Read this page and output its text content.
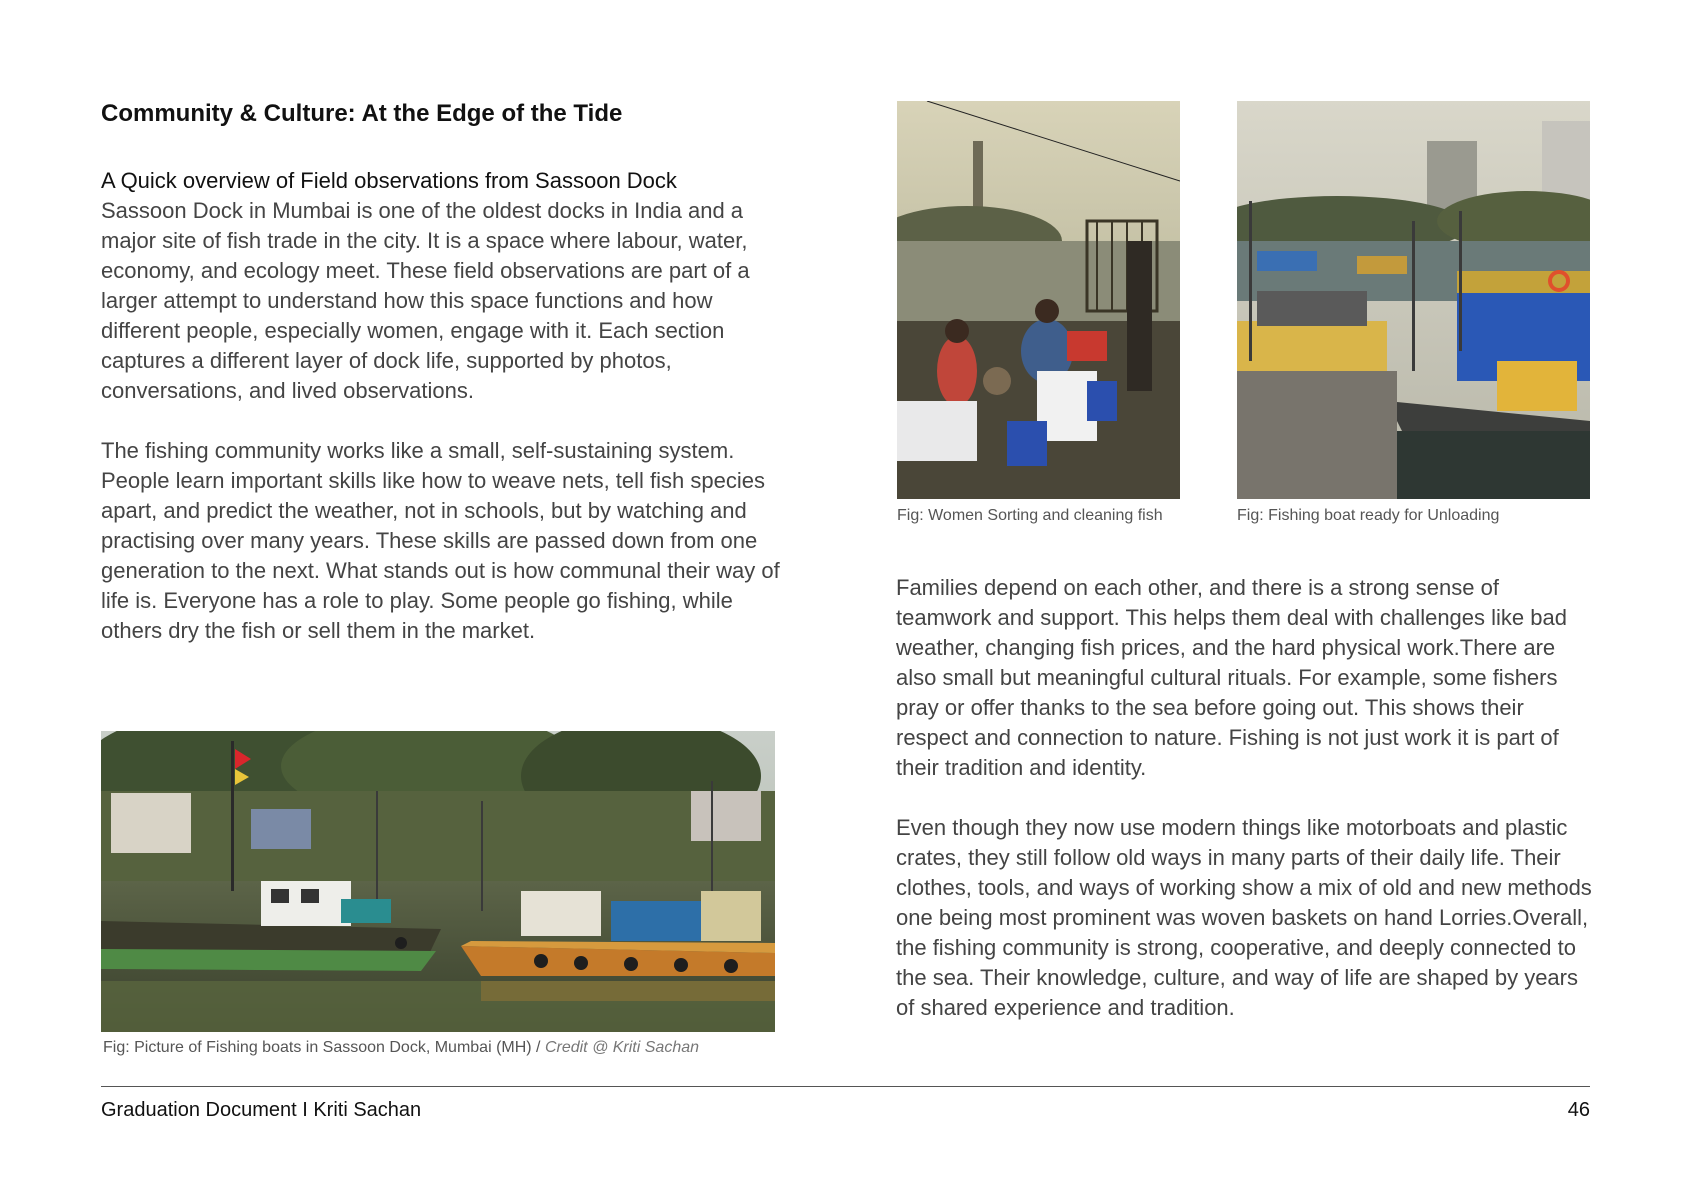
Community & Culture: At the Edge of the Tide

A Quick overview of Field observations from Sassoon Dock

Sassoon Dock in Mumbai is one of the oldest docks in India and a major site of fish trade in the city. It is a space where labour, water, economy, and ecology meet. These field observations are part of a larger attempt to understand how this space functions and how different people, especially women, engage with it. Each section captures a different layer of dock life, supported by photos, conversations, and lived observations.

The fishing community works like a small, self-sustaining system. People learn important skills like how to weave nets, tell fish species apart, and predict the weather, not in schools, but by watching and practising over many years. These skills are passed down from one generation to the next. What stands out is how communal their way of life is. Everyone has a role to play. Some people go fishing, while others dry the fish or sell them in the market.

Fig: Picture of Fishing boats in Sassoon Dock, Mumbai (MH) / Credit @ Kriti Sachan
Fig: Women Sorting and cleaning fish	Fig: Fishing boat ready for Unloading

Families depend on each other, and there is a strong sense of teamwork and support. This helps them deal with challenges like bad weather, changing fish prices, and the hard physical work.There are also small but meaningful cultural rituals. For example, some fishers pray or offer thanks to the sea before going out. This shows their respect and connection to nature. Fishing is not just work it is part of their tradition and identity.

Even though they now use modern things like motorboats and plastic crates, they still follow old ways in many parts of their daily life. Their clothes, tools, and ways of working show a mix of old and new methods one being most prominent was woven baskets on hand Lorries.Overall, the fishing community is strong, cooperative, and deeply connected to the sea. Their knowledge, culture, and way of life are shaped by years of shared experience and tradition.

Graduation Document I Kriti Sachan	46
